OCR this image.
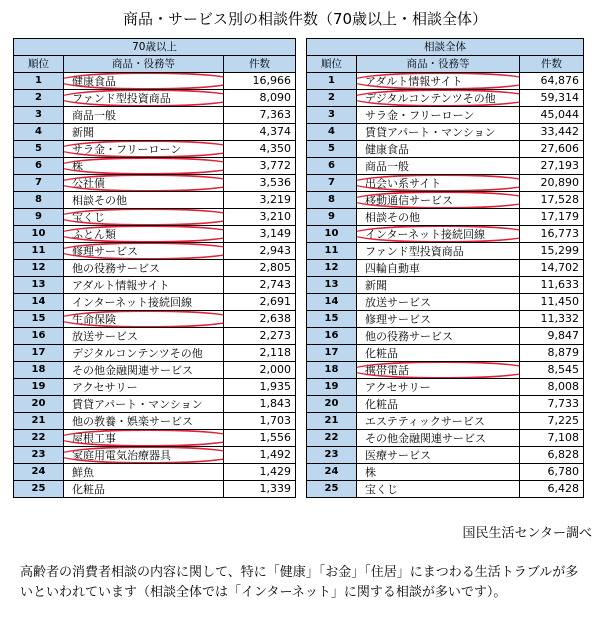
商品・サービス別の相談件数（70歳以上・相談全体）
70歳以上		
順位	商品・役務等	件数
1	健康食品	16,966
2	ファンド型投資商品	8,090
3	商品一般	7,363
4	新聞	4,374
5	サラ金・フリーローン	4,350
6	株	3,772
7	公社債	3,536
8	相談その他	3,219
9	宝くじ	3,210
10	ふとん類	3,149
11	修理サービス	2,943
12	他の役務サービス	2,805
13	アダルト情報サイト	2,743
14	インターネット接続回線	2,691
15	生命保険	2,638
16	放送サービス	2,273
17	デジタルコンテンツその他	2,118
18	その他金融関連サービス	2,000
19	アクセサリー	1,935
20	賃貸アパート・マンション	1,843
21	他の教養・娯楽サービス	1,703
22	屋根工事	1,556
23	家庭用電気治療器具	1,492
24	鮮魚	1,429
25	化粧品	1,339
相談全体		
順位	商品・役務等	件数
1	アダルト情報サイト	64,876
2	デジタルコンテンツその他	59,314
3	サラ金・フリーローン	45,044
4	賃貸アパート・マンション	33,442
5	健康食品	27,606
6	商品一般	27,193
7	出会い系サイト	20,890
8	移動通信サービス	17,528
9	相談その他	17,179
10	インターネット接続回線	16,773
11	ファンド型投資商品	15,299
12	四輪自動車	14,702
13	新聞	11,633
14	放送サービス	11,450
15	修理サービス	11,332
16	他の役務サービス	9,847
17	化粧品	8,879
18	携帯電話	8,545
19	アクセサリー	8,008
20	化粧品	7,733
21	エステティックサービス	7,225
22	その他金融関連サービス	7,108
23	医療サービス	6,828
24	株	6,780
25	宝くじ	6,428
国民生活センター調べ
高齢者の消費者相談の内容に関して、特に「健康」「お金」「住居」にまつわる生活トラブルが多いといわれています（相談全体では「インターネット」に関する相談が多いです）。
